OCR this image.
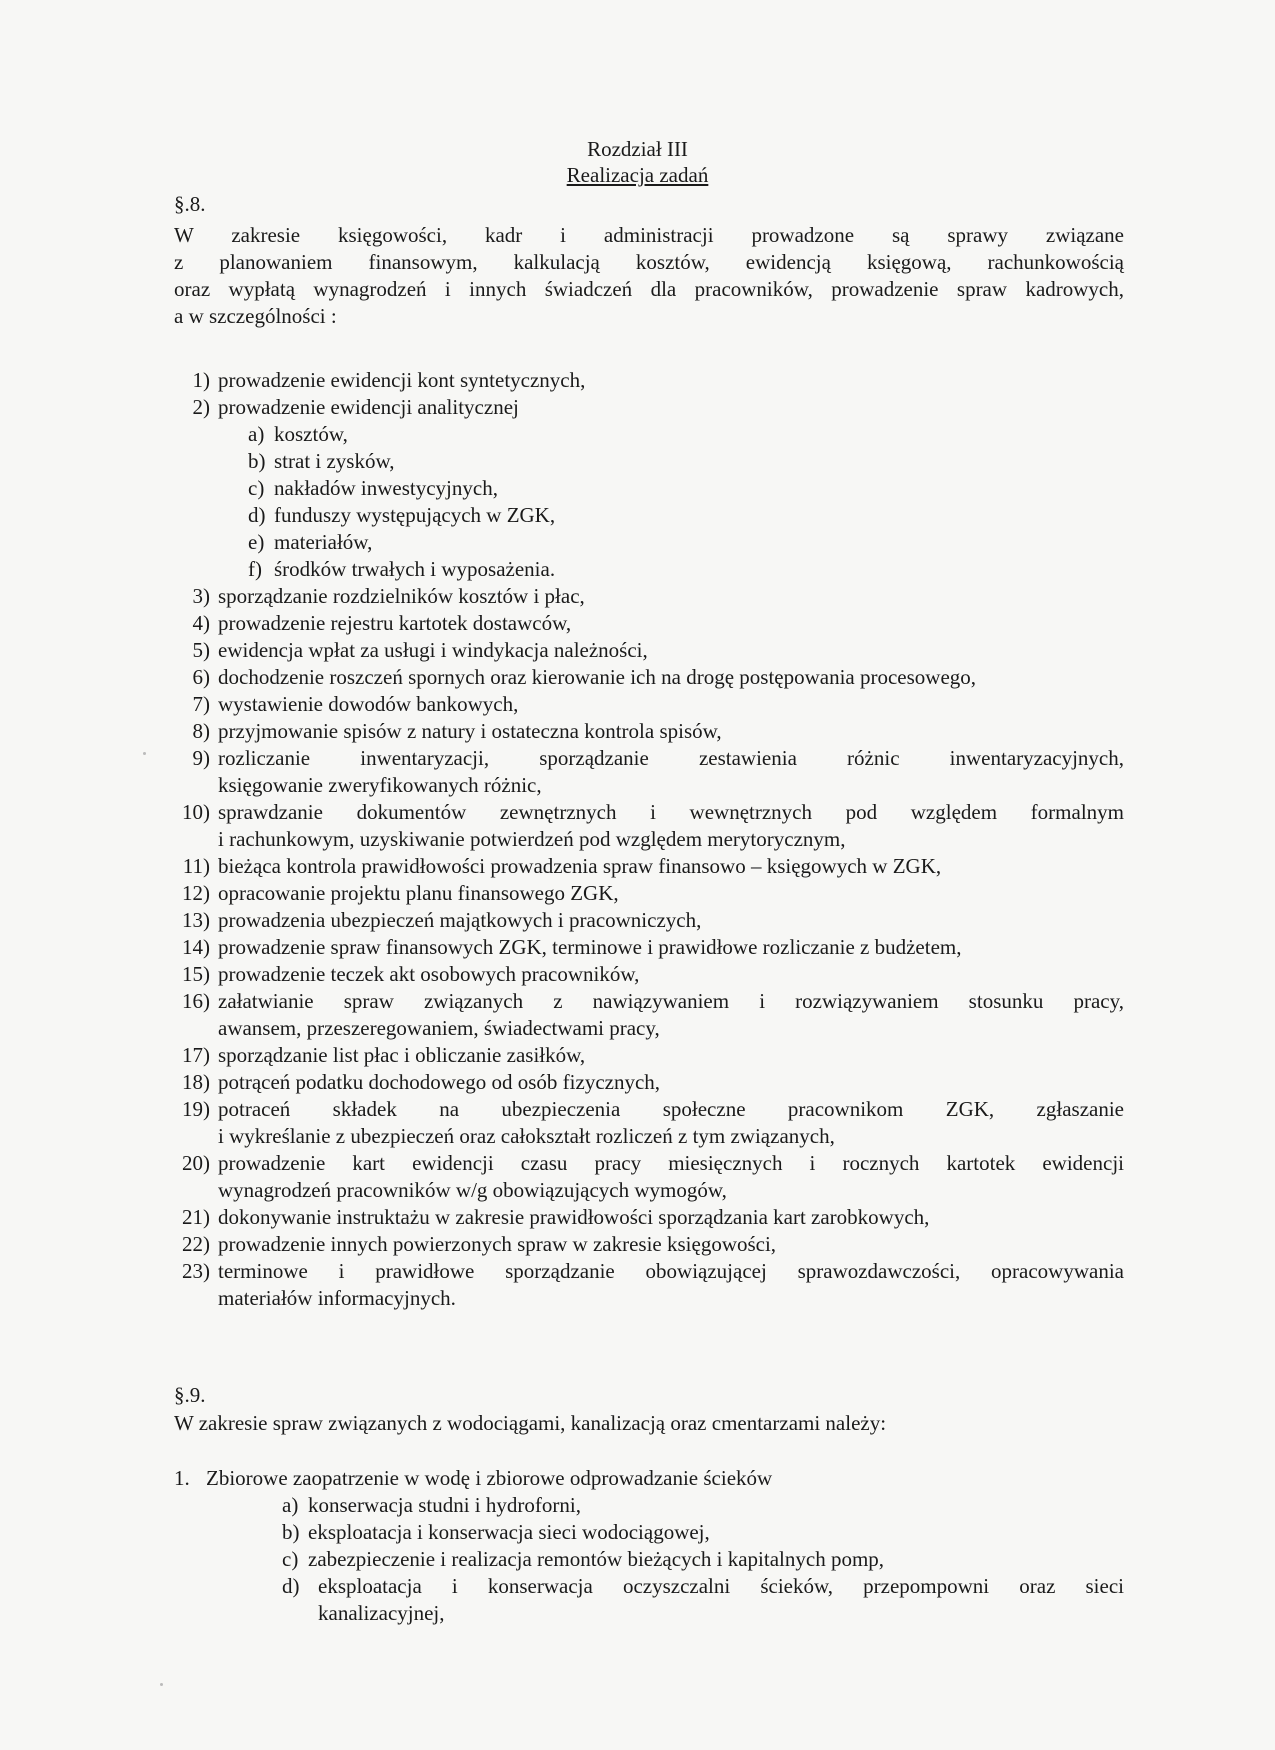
Rozdział III
Realizacja zadań
§.8.
W zakresie księgowości, kadr i administracji prowadzone są sprawy związane
z planowaniem finansowym, kalkulacją kosztów, ewidencją księgową, rachunkowością
oraz wypłatą wynagrodzeń i innych świadczeń dla pracowników, prowadzenie spraw kadrowych,
a w szczególności :
1) prowadzenie ewidencji kont syntetycznych,
2) prowadzenie ewidencji analitycznej
a) kosztów,
b) strat i zysków,
c) nakładów inwestycyjnych,
d) funduszy występujących w ZGK,
e) materiałów,
f) środków trwałych i wyposażenia.
3) sporządzanie rozdzielników kosztów i płac,
4) prowadzenie rejestru kartotek dostawców,
5) ewidencja wpłat za usługi i windykacja należności,
6) dochodzenie roszczeń spornych oraz kierowanie ich na drogę postępowania procesowego,
7) wystawienie dowodów bankowych,
8) przyjmowanie spisów z natury i ostateczna kontrola spisów,
9) rozliczanie inwentaryzacji, sporządzanie zestawienia różnic inwentaryzacyjnych,
księgowanie zweryfikowanych różnic,
10) sprawdzanie dokumentów zewnętrznych i wewnętrznych pod względem formalnym
i rachunkowym, uzyskiwanie potwierdzeń pod względem merytorycznym,
11) bieżąca kontrola prawidłowości prowadzenia spraw finansowo – księgowych w ZGK,
12) opracowanie projektu planu finansowego ZGK,
13) prowadzenia ubezpieczeń majątkowych i pracowniczych,
14) prowadzenie spraw finansowych ZGK, terminowe i prawidłowe rozliczanie z budżetem,
15) prowadzenie teczek akt osobowych pracowników,
16) załatwianie spraw związanych z nawiązywaniem i rozwiązywaniem stosunku pracy,
awansem, przeszeregowaniem, świadectwami pracy,
17) sporządzanie list płac i obliczanie zasiłków,
18) potrąceń podatku dochodowego od osób fizycznych,
19) potraceń składek na ubezpieczenia społeczne pracownikom ZGK, zgłaszanie
i wykreślanie z ubezpieczeń oraz całokształt rozliczeń z tym związanych,
20) prowadzenie kart ewidencji czasu pracy miesięcznych i rocznych kartotek ewidencji
wynagrodzeń pracowników w/g obowiązujących wymogów,
21) dokonywanie instruktażu w zakresie prawidłowości sporządzania kart zarobkowych,
22) prowadzenie innych powierzonych spraw w zakresie księgowości,
23) terminowe i prawidłowe sporządzanie obowiązującej sprawozdawczości, opracowywania
materiałów informacyjnych.
§.9.
W zakresie spraw związanych z wodociągami, kanalizacją oraz cmentarzami należy:
1. Zbiorowe zaopatrzenie w wodę i zbiorowe odprowadzanie ścieków
a) konserwacja studni i hydroforni,
b) eksploatacja i konserwacja sieci wodociągowej,
c) zabezpieczenie i realizacja remontów bieżących i kapitalnych pomp,
d) eksploatacja i konserwacja oczyszczalni ścieków, przepompowni oraz sieci
kanalizacyjnej,
